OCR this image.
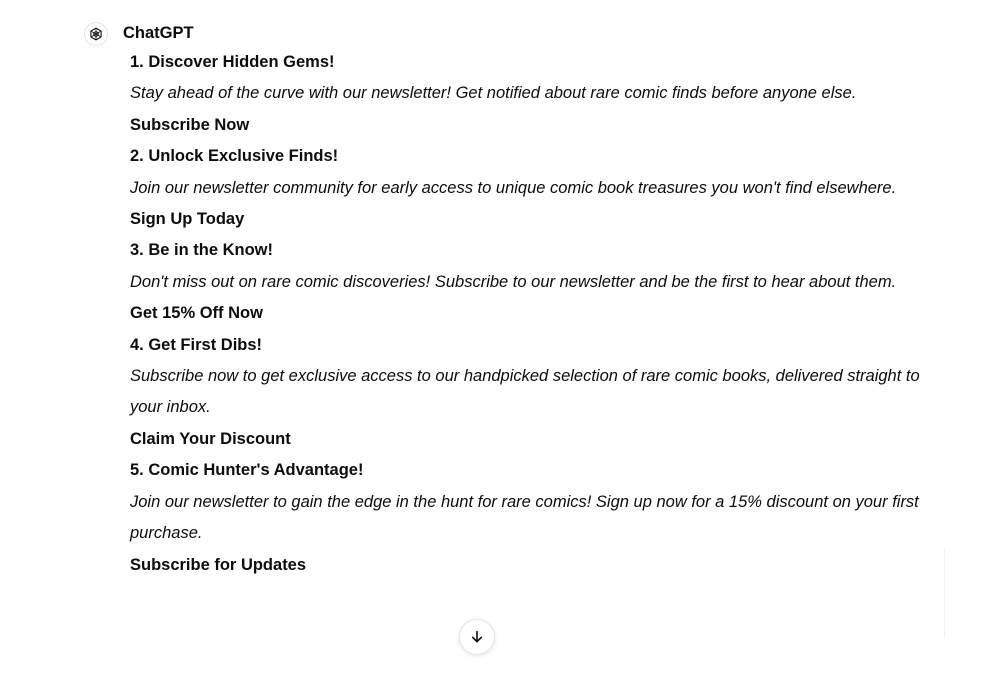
ChatGPT
1. Discover Hidden Gems!
Stay ahead of the curve with our newsletter! Get notified about rare comic finds before anyone else.
Subscribe Now
2. Unlock Exclusive Finds!
Join our newsletter community for early access to unique comic book treasures you won't find elsewhere.
Sign Up Today
3. Be in the Know!
Don't miss out on rare comic discoveries! Subscribe to our newsletter and be the first to hear about them.
Get 15% Off Now
4. Get First Dibs!
Subscribe now to get exclusive access to our handpicked selection of rare comic books, delivered straight to your inbox.
Claim Your Discount
5. Comic Hunter's Advantage!
Join our newsletter to gain the edge in the hunt for rare comics! Sign up now for a 15% discount on your first purchase.
Subscribe for Updates
